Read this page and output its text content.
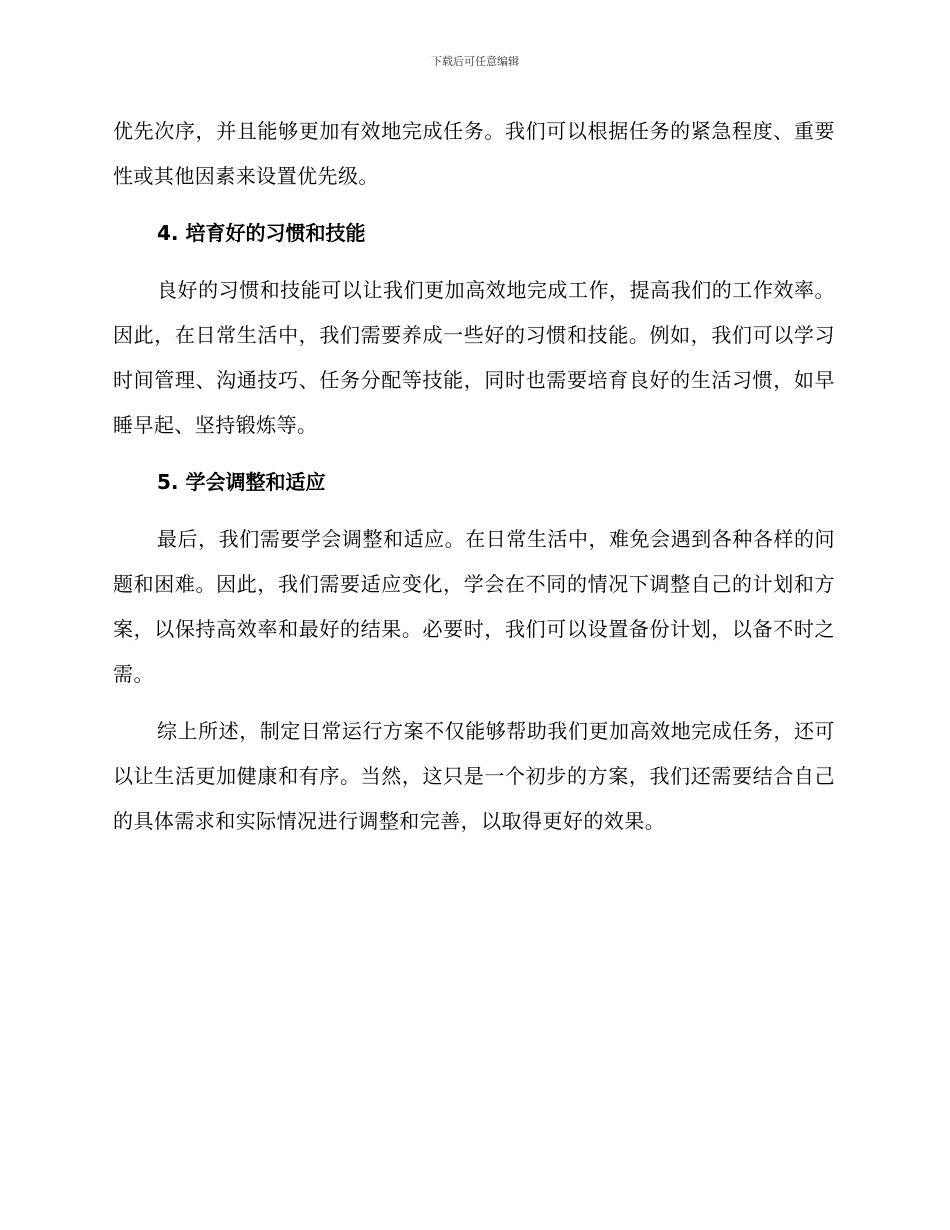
下载后可任意编辑

优先次序，并且能够更加有效地完成任务。我们可以根据任务的紧急程度、重要性或其他因素来设置优先级。

4. 培育好的习惯和技能

良好的习惯和技能可以让我们更加高效地完成工作，提高我们的工作效率。因此，在日常生活中，我们需要养成一些好的习惯和技能。例如，我们可以学习时间管理、沟通技巧、任务分配等技能，同时也需要培育良好的生活习惯，如早睡早起、坚持锻炼等。

5. 学会调整和适应

最后，我们需要学会调整和适应。在日常生活中，难免会遇到各种各样的问题和困难。因此，我们需要适应变化，学会在不同的情况下调整自己的计划和方案，以保持高效率和最好的结果。必要时，我们可以设置备份计划，以备不时之需。

综上所述，制定日常运行方案不仅能够帮助我们更加高效地完成任务，还可以让生活更加健康和有序。当然，这只是一个初步的方案，我们还需要结合自己的具体需求和实际情况进行调整和完善，以取得更好的效果。
